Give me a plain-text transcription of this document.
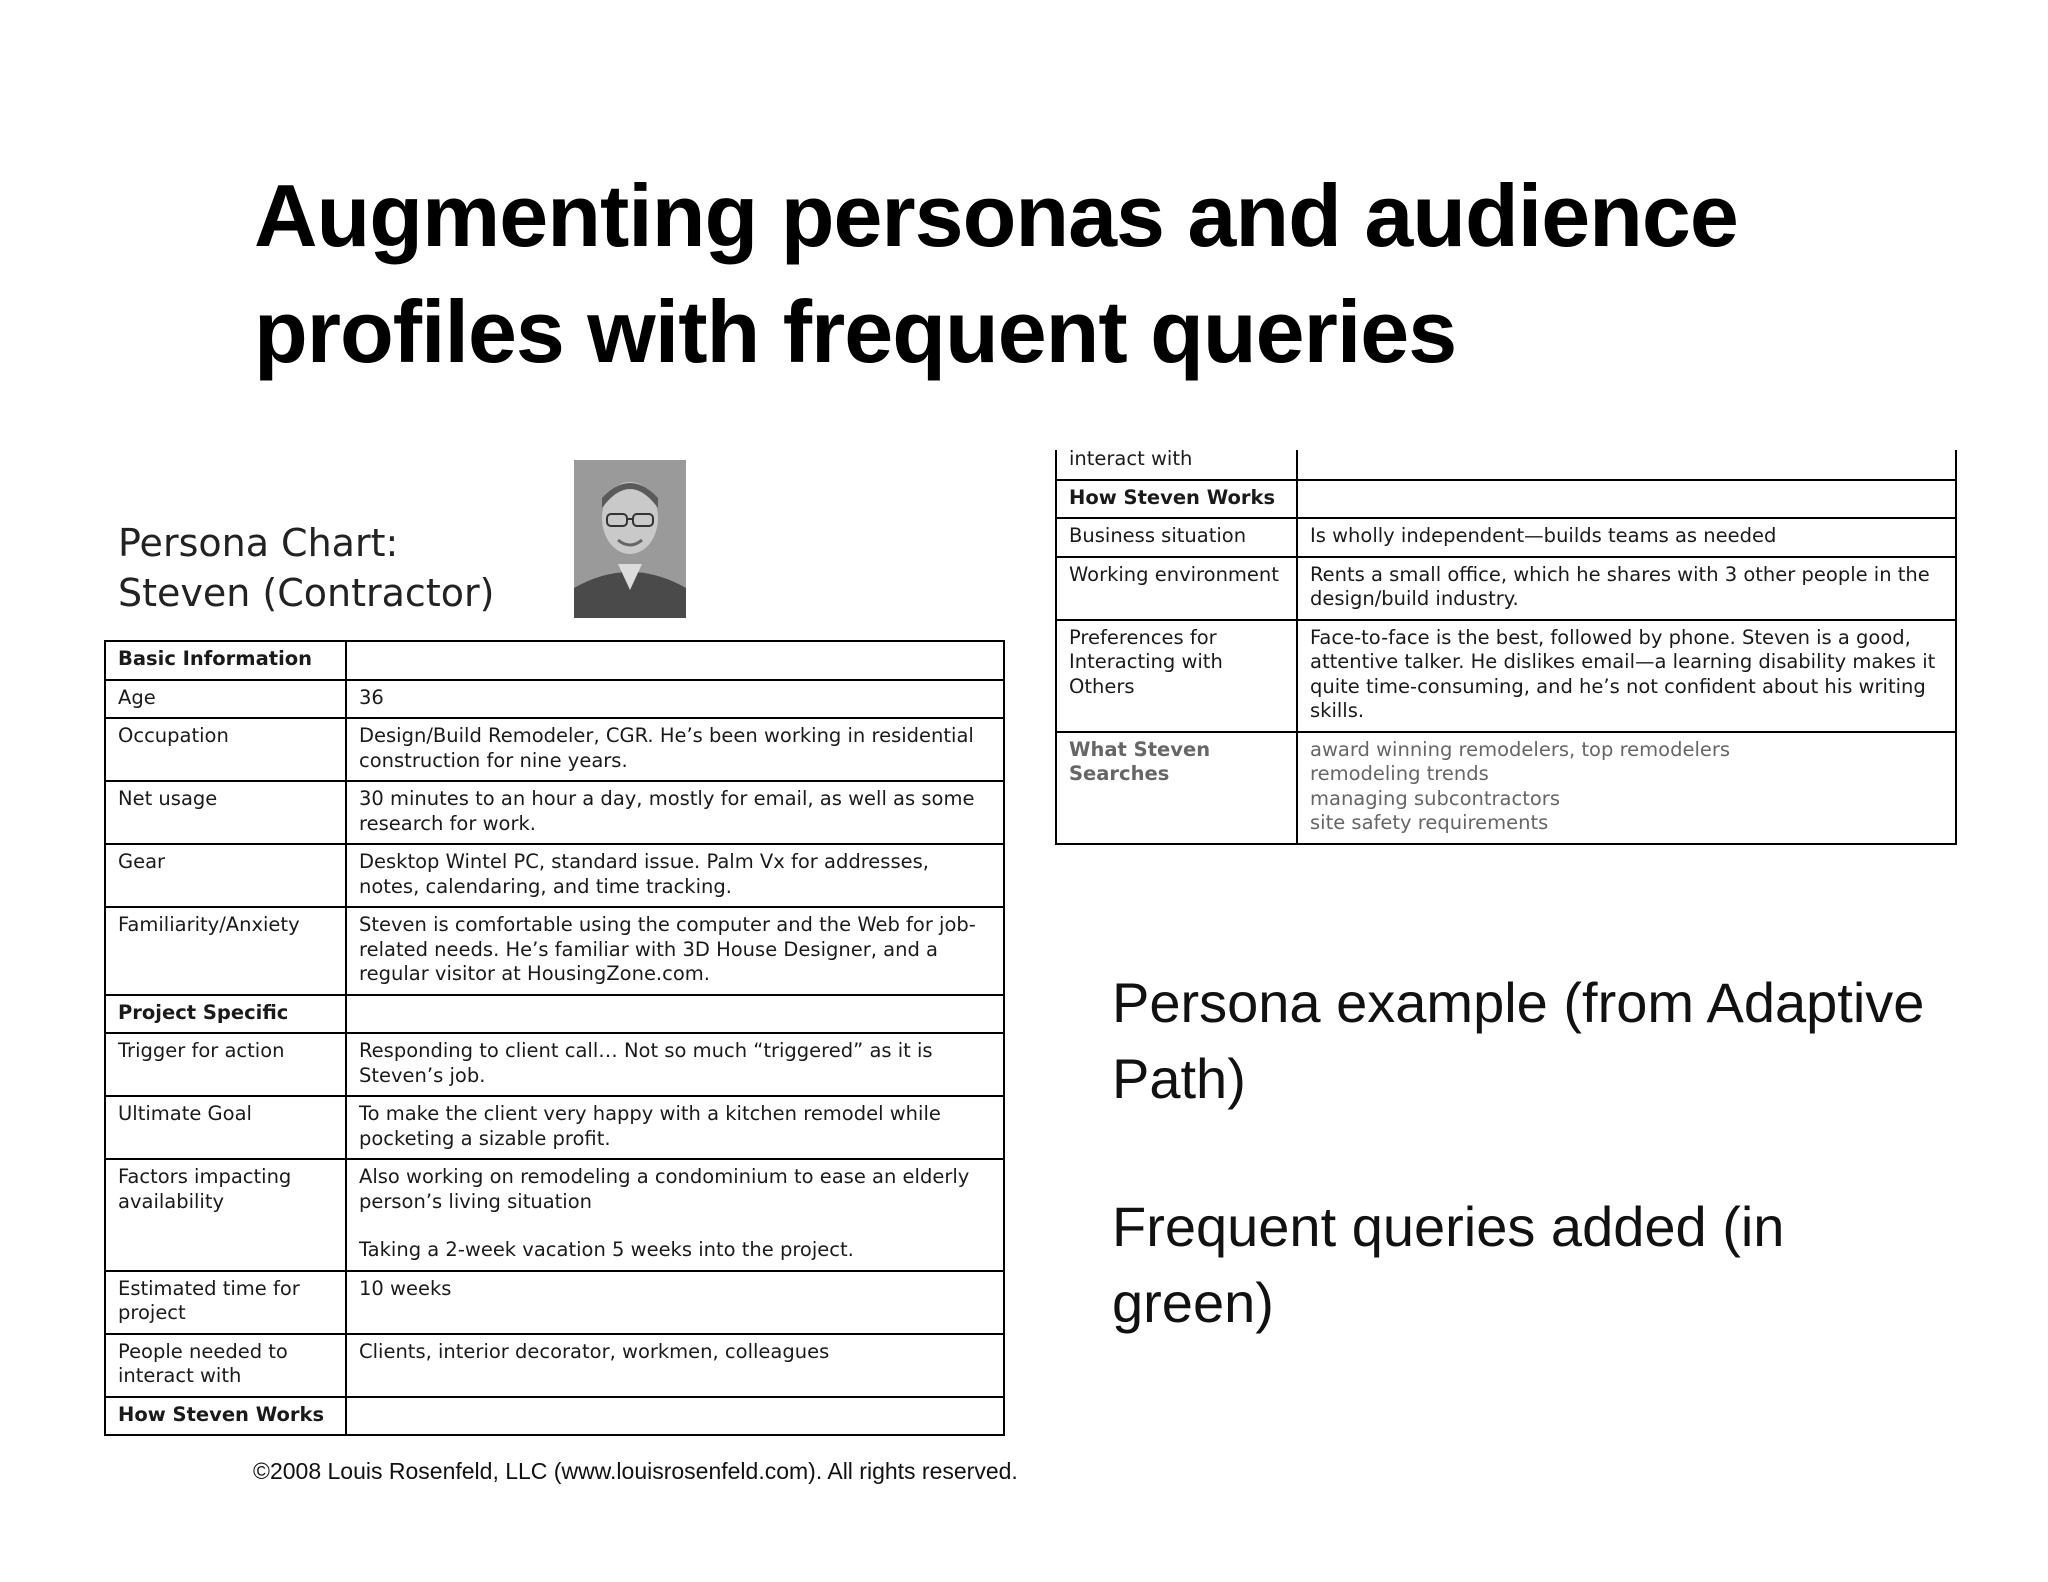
Augmenting personas and audience
profiles with frequent queries
Persona Chart:
Steven (Contractor)
Basic Information	
Age	36
Occupation	Design/Build Remodeler, CGR. He’s been working in residential construction for nine years.
Net usage	30 minutes to an hour a day, mostly for email, as well as some research for work.
Gear	Desktop Wintel PC, standard issue. Palm Vx for addresses, notes, calendaring, and time tracking.
Familiarity/Anxiety	Steven is comfortable using the computer and the Web for job-related needs. He’s familiar with 3D House Designer, and a regular visitor at HousingZone.com.
Project Specific	
Trigger for action	Responding to client call… Not so much “triggered” as it is Steven’s job.
Ultimate Goal	To make the client very happy with a kitchen remodel while pocketing a sizable profit.
Factors impacting availability	Also working on remodeling a condominium to ease an elderly person’s living situation
Taking a 2-week vacation 5 weeks into the project.
Estimated time for project	10 weeks
People needed to interact with	Clients, interior decorator, workmen, colleagues
How Steven Works	
interact with	
How Steven Works	
Business situation	Is wholly independent—builds teams as needed
Working environment	Rents a small office, which he shares with 3 other people in the design/build industry.
Preferences for Interacting with Others	Face-to-face is the best, followed by phone. Steven is a good, attentive talker. He dislikes email—a learning disability makes it quite time-consuming, and he’s not confident about his writing skills.
What Steven Searches	award winning remodelers, top remodelers
remodeling trends
managing subcontractors
site safety requirements

Persona example (from Adaptive Path)

Frequent queries added (in green)

©2008 Louis Rosenfeld, LLC (www.louisrosenfeld.com). All rights reserved.
